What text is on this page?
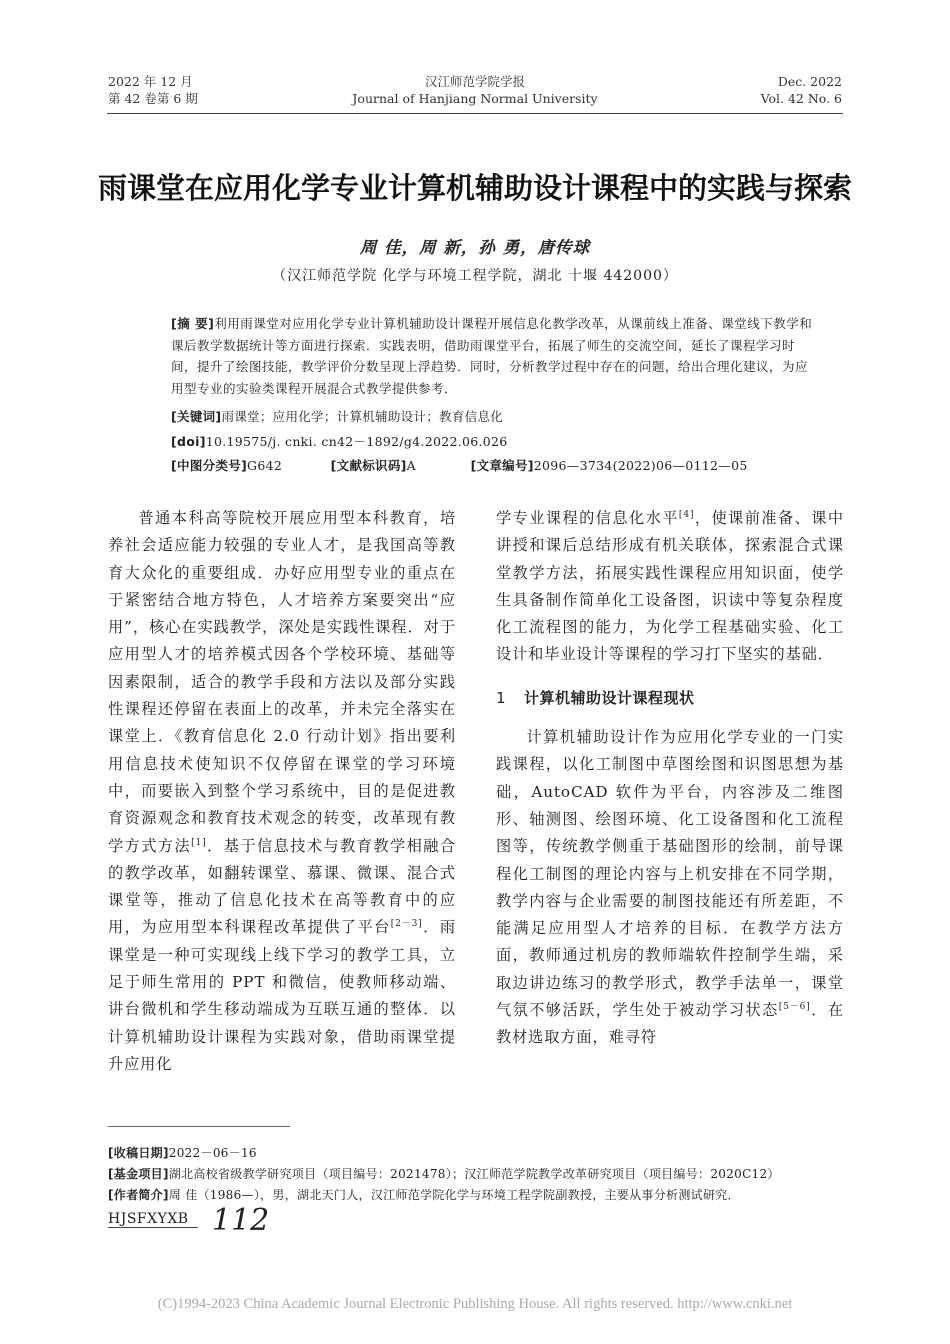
2022 年 12 月
第 42 卷第 6 期
汉江师范学院学报
Journal of Hanjiang Normal University
Dec. 2022
Vol. 42 No. 6
雨课堂在应用化学专业计算机辅助设计课程中的实践与探索
周 佳，周 新，孙 勇，唐传球
（汉江师范学院 化学与环境工程学院，湖北 十堰 442000）
[摘 要]利用雨课堂对应用化学专业计算机辅助设计课程开展信息化教学改革，从课前线上准备、课堂线下教学和课后教学数据统计等方面进行探索．实践表明，借助雨课堂平台，拓展了师生的交流空间，延长了课程学习时间，提升了绘图技能，教学评价分数呈现上浮趋势．同时，分析教学过程中存在的问题，给出合理化建议，为应用型专业的实验类课程开展混合式教学提供参考．
[关键词]雨课堂；应用化学；计算机辅助设计；教育信息化
[doi]10.19575/j. cnki. cn42－1892/g4.2022.06.026
[中图分类号]G642	[文献标识码]A	[文章编号]2096—3734(2022)06—0112—05

普通本科高等院校开展应用型本科教育，培养社会适应能力较强的专业人才，是我国高等教育大众化的重要组成．办好应用型专业的重点在于紧密结合地方特色，人才培养方案要突出“应用”，核心在实践教学，深处是实践性课程．对于应用型人才的培养模式因各个学校环境、基础等因素限制，适合的教学手段和方法以及部分实践性课程还停留在表面上的改革，并未完全落实在课堂上．《教育信息化 2.0 行动计划》指出要利用信息技术使知识不仅停留在课堂的学习环境中，而要嵌入到整个学习系统中，目的是促进教育资源观念和教育技术观念的转变，改革现有教学方式方法[1]．基于信息技术与教育教学相融合的教学改革，如翻转课堂、慕课、微课、混合式课堂等，推动了信息化技术在高等教育中的应用，为应用型本科课程改革提供了平台[2－3]．雨课堂是一种可实现线上线下学习的教学工具，立足于师生常用的 PPT 和微信，使教师移动端、讲台微机和学生移动端成为互联互通的整体．以计算机辅助设计课程为实践对象，借助雨课堂提升应用化

学专业课程的信息化水平[4]，使课前准备、课中讲授和课后总结形成有机关联体，探索混合式课堂教学方法，拓展实践性课程应用知识面，使学生具备制作简单化工设备图，识读中等复杂程度化工流程图的能力，为化学工程基础实验、化工设计和毕业设计等课程的学习打下坚实的基础．

1 计算机辅助设计课程现状

计算机辅助设计作为应用化学专业的一门实践课程，以化工制图中草图绘图和识图思想为基础，AutoCAD 软件为平台，内容涉及二维图形、轴测图、绘图环境、化工设备图和化工流程图等，传统教学侧重于基础图形的绘制，前导课程化工制图的理论内容与上机安排在不同学期，教学内容与企业需要的制图技能还有所差距，不能满足应用型人才培养的目标．在教学方法方面，教师通过机房的教师端软件控制学生端，采取边讲边练习的教学形式，教学手法单一，课堂气氛不够活跃，学生处于被动学习状态[5－6]．在教材选取方面，难寻符

[收稿日期]2022－06－16
[基金项目]湖北高校省级教学研究项目（项目编号：2021478）；汉江师范学院教学改革研究项目（项目编号：2020C12）
[作者简介]周 佳（1986—），男，湖北天门人，汉江师范学院化学与环境工程学院副教授，主要从事分析测试研究．
HJSFXYXB 112
(C)1994-2023 China Academic Journal Electronic Publishing House. All rights reserved. http://www.cnki.net
